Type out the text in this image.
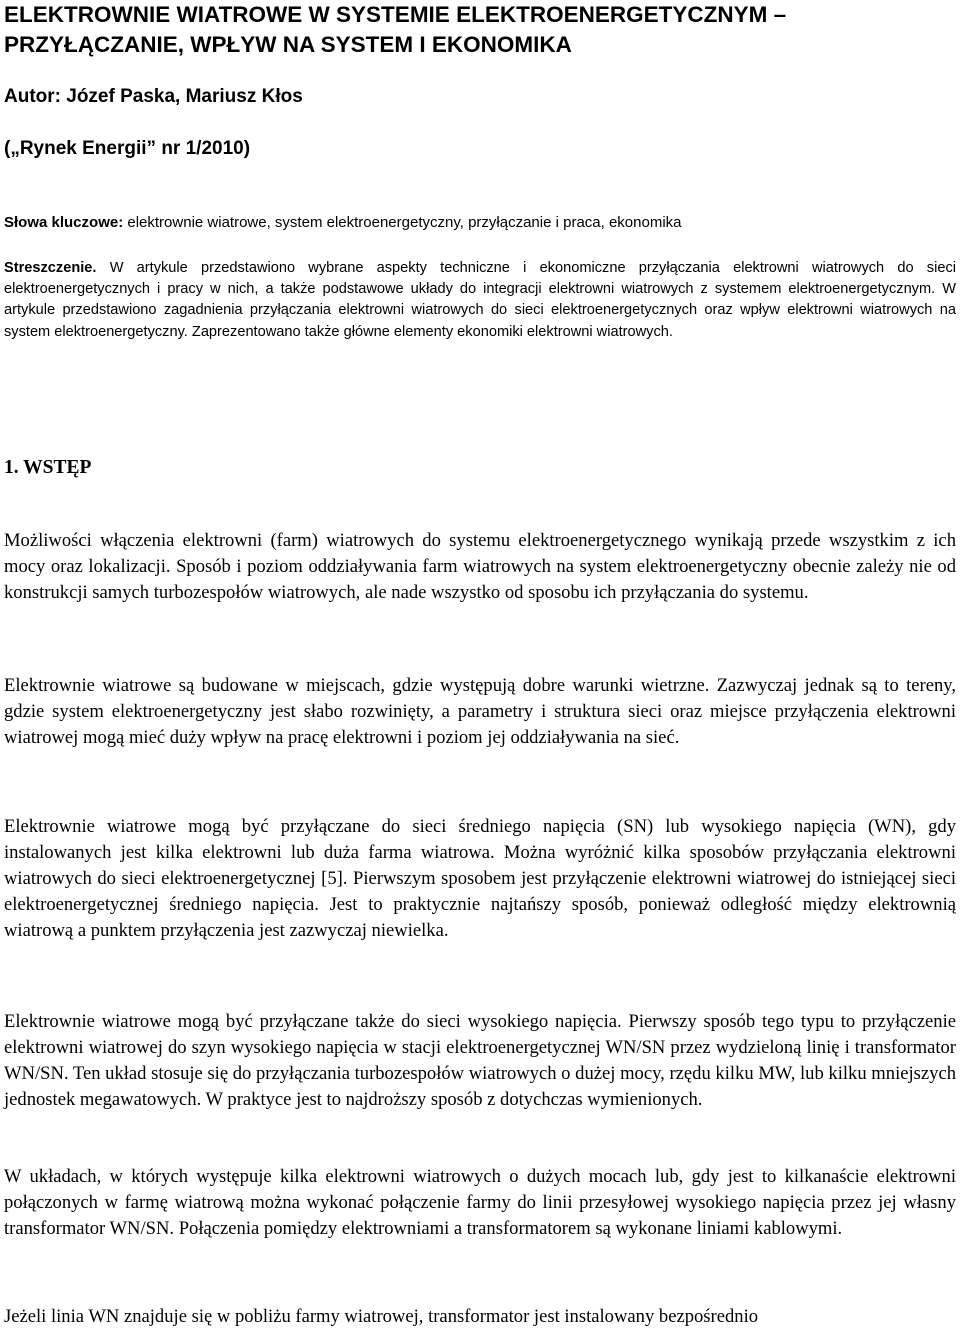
ELEKTROWNIE WIATROWE W SYSTEMIE ELEKTROENERGETYCZNYM –PRZYŁĄCZANIE, WPŁYW NA SYSTEM I EKONOMIKA

Autor: Józef Paska, Mariusz Kłos

(„Rynek Energii” nr 1/2010)

Słowa kluczowe: elektrownie wiatrowe, system elektroenergetyczny, przyłączanie i praca, ekonomika

Streszczenie. W artykule przedstawiono wybrane aspekty techniczne i ekonomiczne przyłączania elektrowni wiatrowych do sieci elektroenergetycznych i pracy w nich, a także podstawowe układy do integracji elektrowni wiatrowych z systemem elektroenergetycznym. W artykule przedstawiono zagadnienia przyłączania elektrowni wiatrowych do sieci elektroenergetycznych oraz wpływ elektrowni wiatrowych na system elektroenergetyczny. Zaprezentowano także główne elementy ekonomiki elektrowni wiatrowych.

1. WSTĘP

Możliwości włączenia elektrowni (farm) wiatrowych do systemu elektroenergetycznego wynikają przede wszystkim z ich mocy oraz lokalizacji. Sposób i poziom oddziaływania farm wiatrowych na system elektroenergetyczny obecnie zależy nie od konstrukcji samych turbozespołów wiatrowych, ale nade wszystko od sposobu ich przyłączania do systemu.

Elektrownie wiatrowe są budowane w miejscach, gdzie występują dobre warunki wietrzne. Zazwyczaj jednak są to tereny, gdzie system elektroenergetyczny jest słabo rozwinięty, a parametry i struktura sieci oraz miejsce przyłączenia elektrowni wiatrowej mogą mieć duży wpływ na pracę elektrowni i poziom jej oddziaływania na sieć.

Elektrownie wiatrowe mogą być przyłączane do sieci średniego napięcia (SN) lub wysokiego napięcia (WN), gdy instalowanych jest kilka elektrowni lub duża farma wiatrowa. Można wyróżnić kilka sposobów przyłączania elektrowni wiatrowych do sieci elektroenergetycznej [5]. Pierwszym sposobem jest przyłączenie elektrowni wiatrowej do istniejącej sieci elektroenergetycznej średniego napięcia. Jest to praktycznie najtańszy sposób, ponieważ odległość między elektrownią wiatrową a punktem przyłączenia jest zazwyczaj niewielka.

Elektrownie wiatrowe mogą być przyłączane także do sieci wysokiego napięcia. Pierwszy sposób tego typu to przyłączenie elektrowni wiatrowej do szyn wysokiego napięcia w stacji elektroenergetycznej WN/SN przez wydzieloną linię i transformator WN/SN. Ten układ stosuje się do przyłączania turbozespołów wiatrowych o dużej mocy, rzędu kilku MW, lub kilku mniejszych jednostek megawatowych. W praktyce jest to najdroższy sposób z dotychczas wymienionych.

W układach, w których występuje kilka elektrowni wiatrowych o dużych mocach lub, gdy jest to kilkanaście elektrowni połączonych w farmę wiatrową można wykonać połączenie farmy do linii przesyłowej wysokiego napięcia przez jej własny transformator WN/SN. Połączenia pomiędzy elektrowniami a transformatorem są wykonane liniami kablowymi.

Jeżeli linia WN znajduje się w pobliżu farmy wiatrowej, transformator jest instalowany bezpośrednio
